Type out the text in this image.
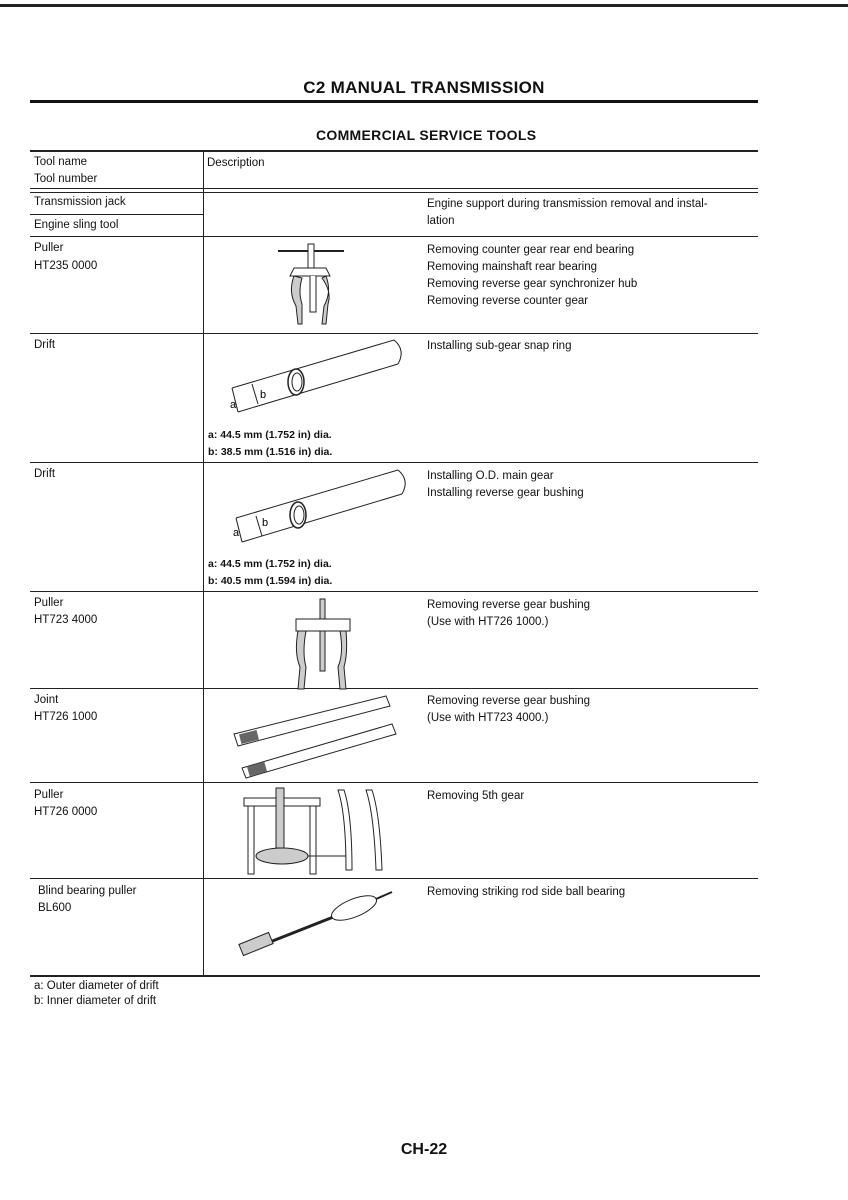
C2 MANUAL TRANSMISSION
COMMERCIAL SERVICE TOOLS
Tool name
Tool number
Description
Transmission jack
Engine sling tool
Engine support during transmission removal and instal-
lation
Puller
HT235 0000
Removing counter gear rear end bearing
Removing mainshaft rear bearing
Removing reverse gear synchronizer hub
Removing reverse counter gear
Drift	Installing sub-gear snap ring
a
b
a: 44.5 mm (1.752 in) dia.
b: 38.5 mm (1.516 in) dia.
Drift	Installing O.D. main gear
Installing reverse gear bushing
a
b
a: 44.5 mm (1.752 in) dia.
b: 40.5 mm (1.594 in) dia.
Puller
HT723 4000
Removing reverse gear bushing
(Use with HT726 1000.)
Joint
HT726 1000
Removing reverse gear bushing
(Use with HT723 4000.)
Puller
HT726 0000
Removing 5th gear
Blind bearing puller
BL600
Removing striking rod side ball bearing
a: Outer diameter of drift
b: Inner diameter of drift
CH-22
